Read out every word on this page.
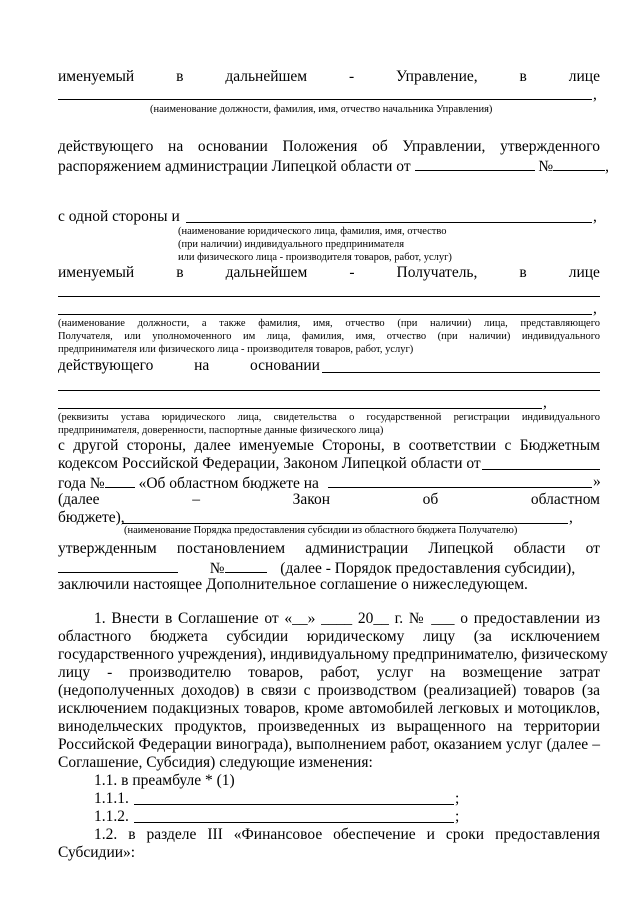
именуемый	в	дальнейшем	-	Управление,	в	лице
,
(наименование должности, фамилия, имя, отчество начальника Управления)
действующего на основании Положения об Управлении, утвержденного
распоряжением администрации Липецкой области от	№	,
с одной стороны и	,
(наименование юридического лица, фамилия, имя, отчество
(при наличии) индивидуального предпринимателя
или физического лица - производителя товаров, работ, услуг)
именуемый	в	дальнейшем	-	Получатель,	в	лице
,
(наименование должности, а также фамилия, имя, отчество (при наличии) лица, представляющего
Получателя, или уполномоченного им лица, фамилия, имя, отчество (при наличии) индивидуального
предпринимателя или физического лица - производителя товаров, работ, услуг)
действующего	на	основании
,
(реквизиты устава юридического лица, свидетельства о государственной регистрации индивидуального
предпринимателя, доверенности, паспортные данные физического лица)
с другой стороны, далее именуемые Стороны, в соответствии с Бюджетным
кодексом Российской Федерации, Законом Липецкой области от
года № «Об областном бюджете на	»
(далее	–	Закон	об	областном
бюджете),	,
(наименование Порядка предоставления субсидии из областного бюджета Получателю)
утвержденным постановлением администрации Липецкой области от
№	(далее - Порядок предоставления субсидии),
заключили настоящее Дополнительное соглашение о нижеследующем.
1. Внести в Соглашение от «__» ____ 20__ г. № ___ о предоставлении из
областного бюджета субсидии юридическому лицу (за исключением
государственного учреждения), индивидуальному предпринимателю, физическому
лицу - производителю товаров, работ, услуг на возмещение затрат
(недополученных доходов) в связи с производством (реализацией) товаров (за
исключением подакцизных товаров, кроме автомобилей легковых и мотоциклов,
винодельческих продуктов, произведенных из выращенного на территории
Российской Федерации винограда), выполнением работ, оказанием услуг (далее –
Соглашение, Субсидия) следующие изменения:
1.1. в преамбуле * (1)
1.1.1.	;
1.1.2.	;
1.2. в разделе III «Финансовое обеспечение и сроки предоставления
Субсидии»:
